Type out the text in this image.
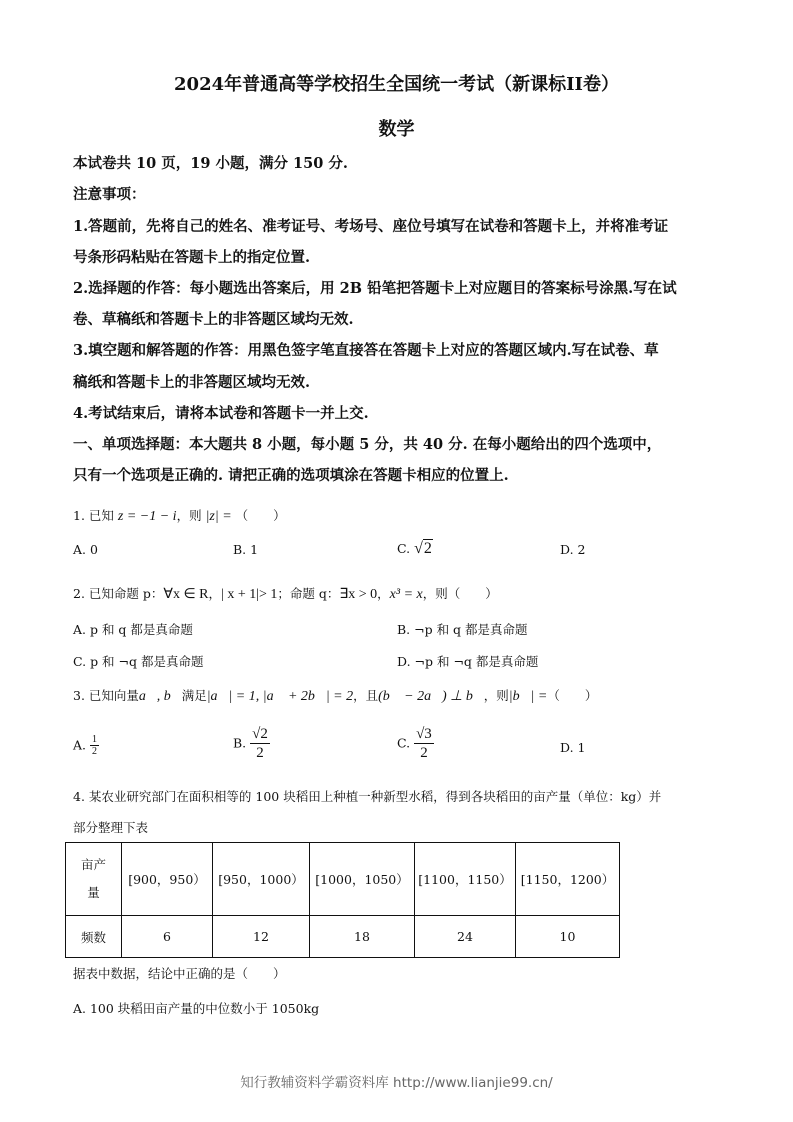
2024年普通高等学校招生全国统一考试（新课标II卷）
数学
本试卷共 10 页，19 小题，满分 150 分.
注意事项：
1.答题前，先将自己的姓名、准考证号、考场号、座位号填写在试卷和答题卡上，并将准考证
号条形码粘贴在答题卡上的指定位置.
2.选择题的作答：每小题选出答案后，用 2B 铅笔把答题卡上对应题目的答案标号涂黑.写在试
卷、草稿纸和答题卡上的非答题区域均无效.
3.填空题和解答题的作答：用黑色签字笔直接答在答题卡上对应的答题区域内.写在试卷、草
稿纸和答题卡上的非答题区域均无效.
4.考试结束后，请将本试卷和答题卡一并上交.
一、单项选择题：本大题共 8 小题，每小题 5 分，共 40 分. 在每小题给出的四个选项中，
只有一个选项是正确的. 请把正确的选项填涂在答题卡相应的位置上.
1. 已知 z = −1 − i，则 |z| = （　　）
A. 0	B. 1	C. √2	D. 2
2. 已知命题 p：∀x ∈ R，| x + 1|> 1；命题 q：∃x > 0，x³ = x，则（　　）
A. p 和 q 都是真命题	B. ¬p 和 q 都是真命题
C. p 和 ¬q 都是真命题	D. ¬p 和 ¬q 都是真命题
3. 已知向量a⃗, b⃗满足|a⃗| = 1, |a⃗ + 2b⃗| = 2，且(b⃗ − 2a⃗) ⊥ b⃗，则|b⃗| =（　　）
A. $\frac{1}{2}$	B. $\frac{√2}{2}$	C. $\frac{√3}{2}$	D. 1
4. 某农业研究部门在面积相等的 100 块稻田上种植一种新型水稻，得到各块稻田的亩产量（单位：kg）并
部分整理下表
亩产
量	[900，950）	[950，1000）	[1000，1050）	[1100，1150）	[1150，1200）
频数	6	12	18	24	10
据表中数据，结论中正确的是（　　）
A. 100 块稻田亩产量的中位数小于 1050kg
知行教辅资料学霸资料库 http://www.lianjie99.cn/
